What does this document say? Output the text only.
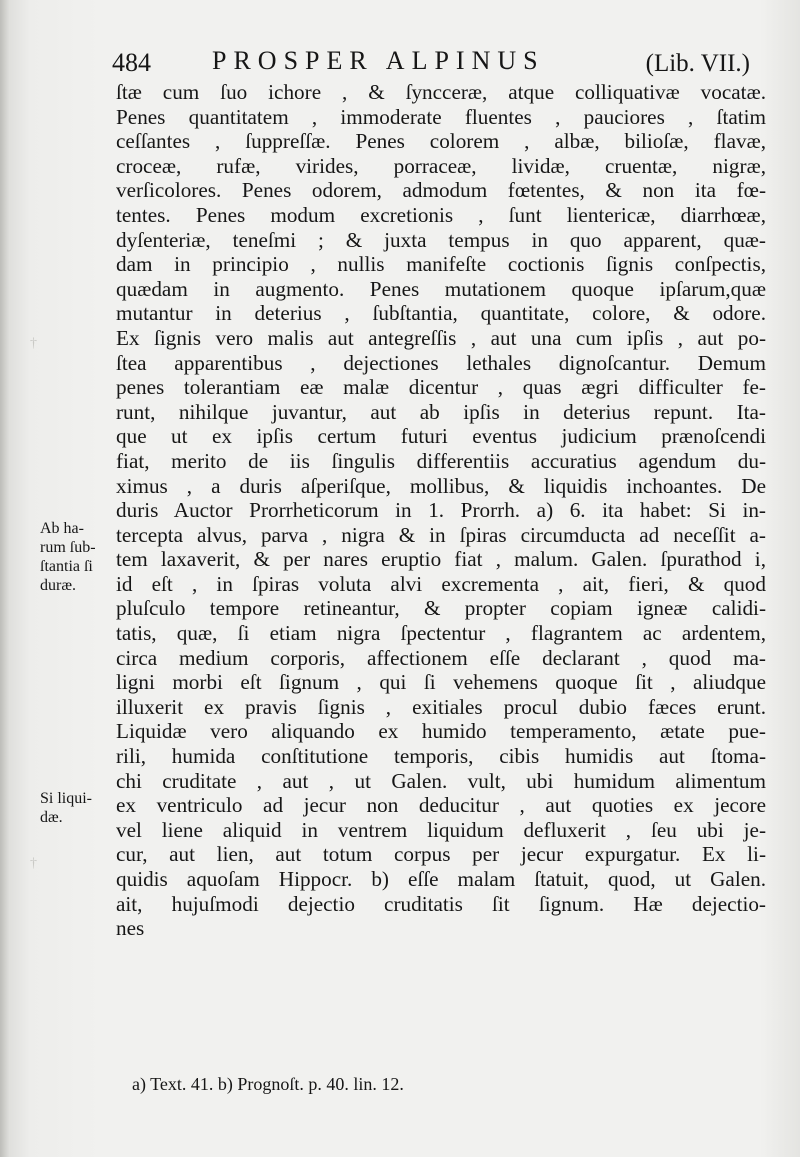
484 PROSPER ALPINUS	(Lib. VII.)
†
†
Ab ha-
rum ſub-
ſtantia ſi
duræ.
Si liqui-
dæ.
ſtæ cum ſuo ichore , & ſyncceræ, atque colliquativæ vocatæ.
Penes quantitatem , immoderate fluentes , pauciores , ſtatim
ceſſantes , ſuppreſſæ. Penes colorem , albæ, bilioſæ, flavæ,
croceæ, rufæ, virides, porraceæ, lividæ, cruentæ, nigræ,
verſicolores. Penes odorem, admodum fœtentes, & non ita fœ-
tentes. Penes modum excretionis , ſunt lientericæ, diarrhœæ,
dyſenteriæ, teneſmi ; & juxta tempus in quo apparent, quæ-
dam in principio , nullis manifeſte coctionis ſignis conſpectis,
quædam in augmento. Penes mutationem quoque ipſarum,quæ
mutantur in deterius , ſubſtantia, quantitate, colore, & odore.
Ex ſignis vero malis aut antegreſſis , aut una cum ipſis , aut po-
ſtea apparentibus , dejectiones lethales dignoſcantur. Demum
penes tolerantiam eæ malæ dicentur , quas ægri difficulter fe-
runt, nihilque juvantur, aut ab ipſis in deterius repunt. Ita-
que ut ex ipſis certum futuri eventus judicium prænoſcendi
fiat, merito de iis ſingulis differentiis accuratius agendum du-
ximus , a duris aſperiſque, mollibus, & liquidis inchoantes. De
duris Auctor Prorrheticorum in 1. Prorrh. a) 6. ita habet: Si in-
tercepta alvus, parva , nigra & in ſpiras circumducta ad neceſſit a-
tem laxaverit, & per nares eruptio fiat , malum. Galen. ſpurathod i,
id eſt , in ſpiras voluta alvi excrementa , ait, fieri, & quod
pluſculo tempore retineantur, & propter copiam igneæ calidi-
tatis, quæ, ſi etiam nigra ſpectentur , flagrantem ac ardentem,
circa medium corporis, affectionem eſſe declarant , quod ma-
ligni morbi eſt ſignum , qui ſi vehemens quoque ſit , aliudque
illuxerit ex pravis ſignis , exitiales procul dubio fæces erunt.
Liquidæ vero aliquando ex humido temperamento, ætate pue-
rili, humida conſtitutione temporis, cibis humidis aut ſtoma-
chi cruditate , aut , ut Galen. vult, ubi humidum alimentum
ex ventriculo ad jecur non deducitur , aut quoties ex jecore
vel liene aliquid in ventrem liquidum defluxerit , ſeu ubi je-
cur, aut lien, aut totum corpus per jecur expurgatur. Ex li-
quidis aquoſam Hippocr. b) eſſe malam ſtatuit, quod, ut Galen.
ait, hujuſmodi dejectio cruditatis ſit ſignum. Hæ dejectio-
nes
a) Text. 41. b) Prognoſt. p. 40. lin. 12.
